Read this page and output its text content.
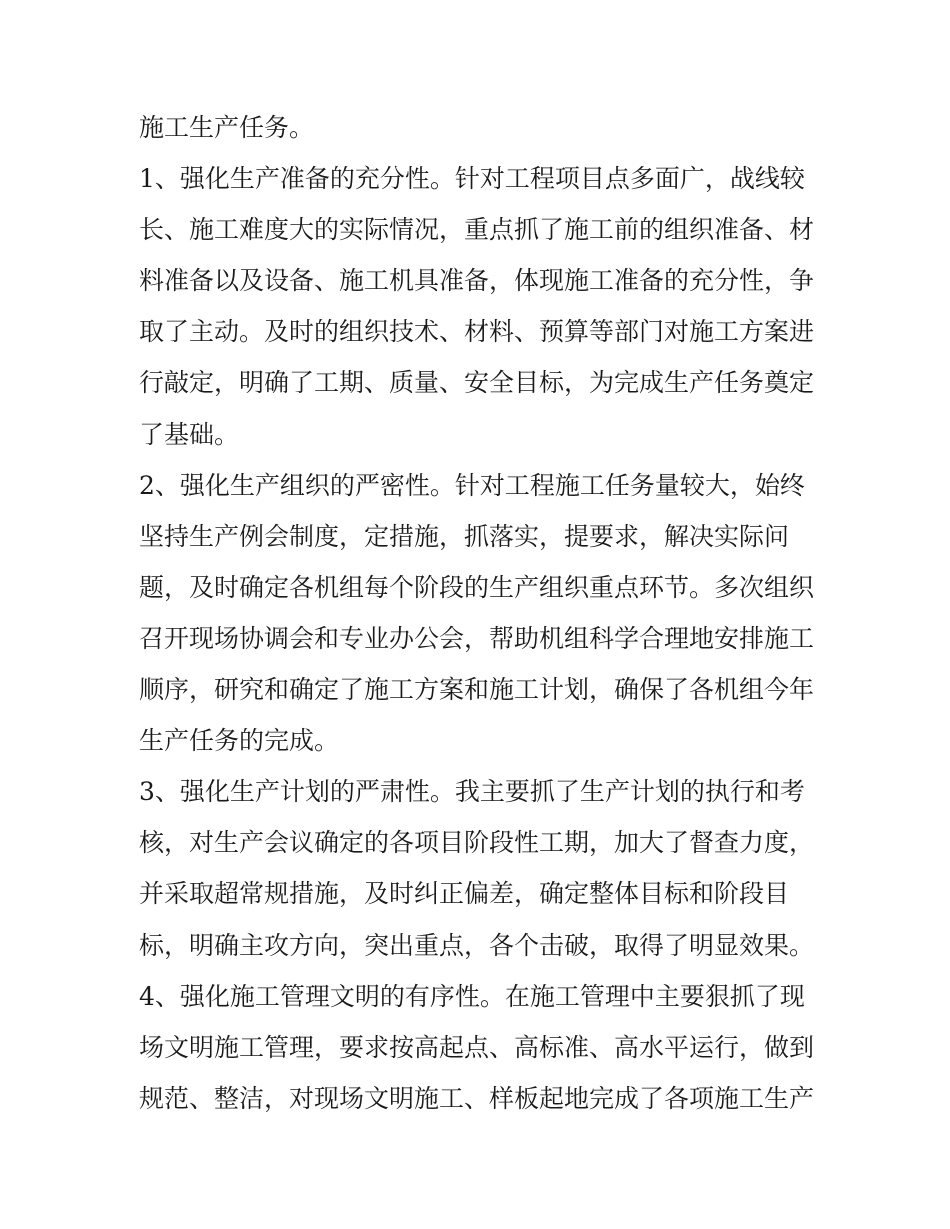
施工生产任务。
1、强化生产准备的充分性。针对工程项目点多面广，战线较
长、施工难度大的实际情况，重点抓了施工前的组织准备、材
料准备以及设备、施工机具准备，体现施工准备的充分性，争
取了主动。及时的组织技术、材料、预算等部门对施工方案进
行敲定，明确了工期、质量、安全目标，为完成生产任务奠定
了基础。
2、强化生产组织的严密性。针对工程施工任务量较大，始终
坚持生产例会制度，定措施，抓落实，提要求，解决实际问
题，及时确定各机组每个阶段的生产组织重点环节。多次组织
召开现场协调会和专业办公会，帮助机组科学合理地安排施工
顺序，研究和确定了施工方案和施工计划，确保了各机组今年
生产任务的完成。
3、强化生产计划的严肃性。我主要抓了生产计划的执行和考
核，对生产会议确定的各项目阶段性工期，加大了督查力度，
并采取超常规措施，及时纠正偏差，确定整体目标和阶段目
标，明确主攻方向，突出重点，各个击破，取得了明显效果。
4、强化施工管理文明的有序性。在施工管理中主要狠抓了现
场文明施工管理，要求按高起点、高标准、高水平运行，做到
规范、整洁，对现场文明施工、样板起地完成了各项施工生产
